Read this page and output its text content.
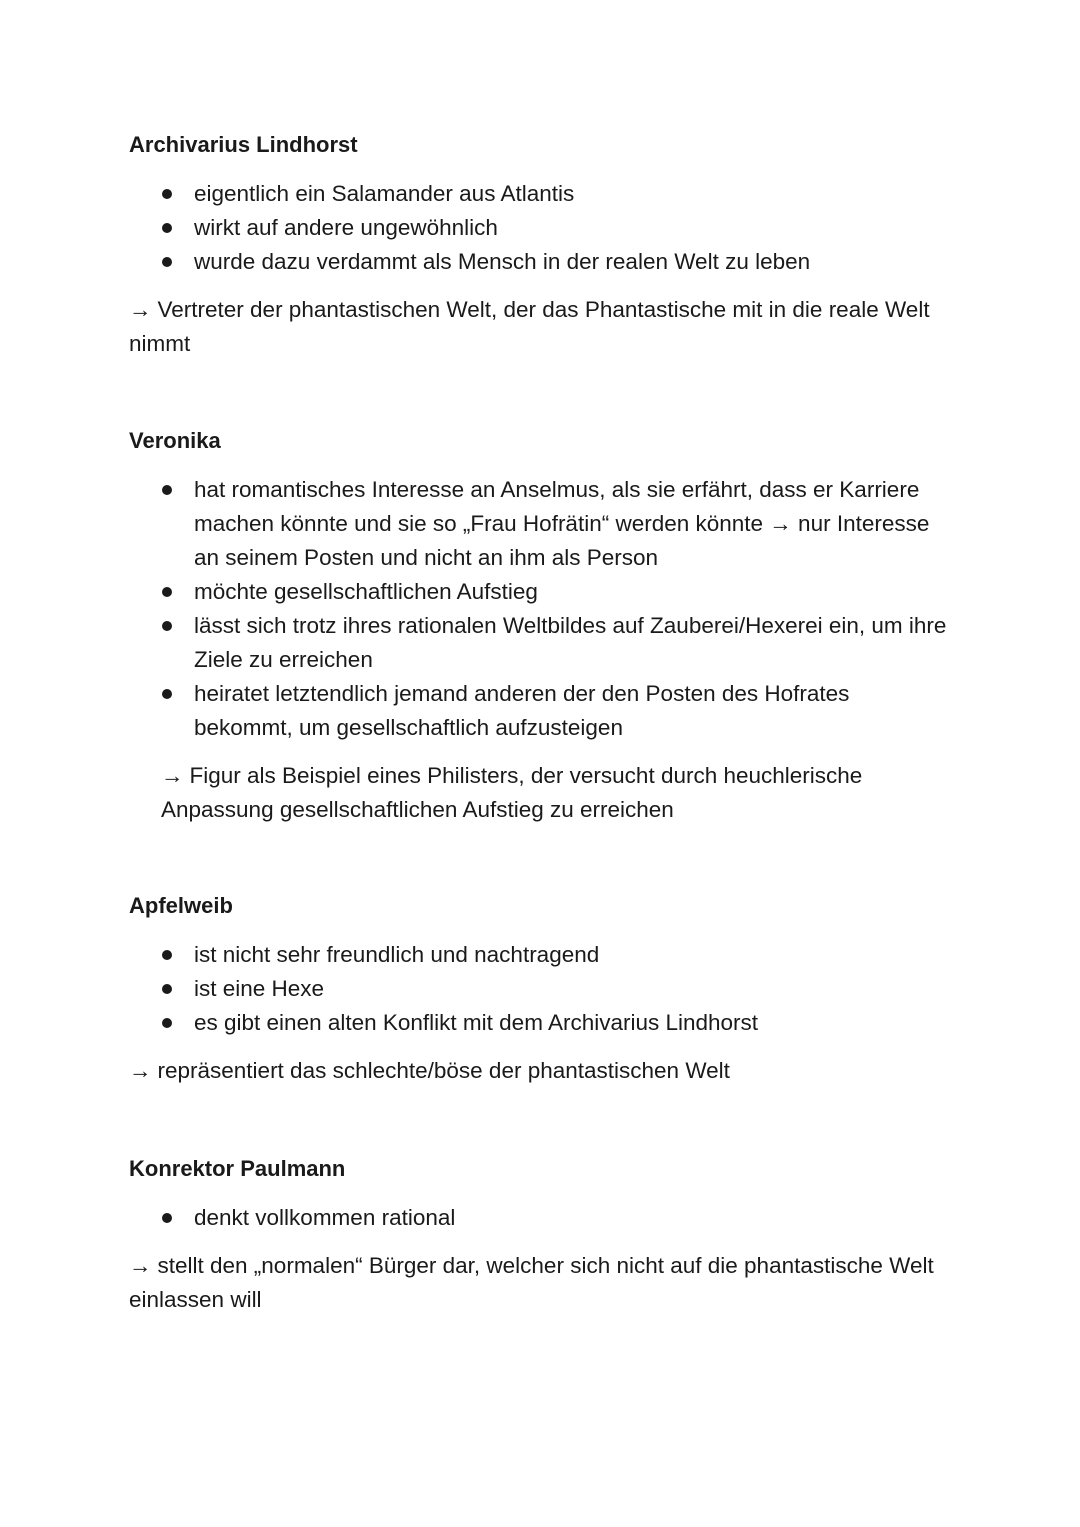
Archivarius Lindhorst
eigentlich ein Salamander aus Atlantis
wirkt auf andere ungewöhnlich
wurde dazu verdammt als Mensch in der realen Welt zu leben
→ Vertreter der phantastischen Welt, der das Phantastische mit in die reale Welt nimmt
Veronika
hat romantisches Interesse an Anselmus, als sie erfährt, dass er Karriere machen könnte und sie so „Frau Hofrätin“ werden könnte → nur Interesse an seinem Posten und nicht an ihm als Person
möchte gesellschaftlichen Aufstieg
lässt sich trotz ihres rationalen Weltbildes auf Zauberei/Hexerei ein, um ihre Ziele zu erreichen
heiratet letztendlich jemand anderen der den Posten des Hofrates bekommt, um gesellschaftlich aufzusteigen
→ Figur als Beispiel eines Philisters, der versucht durch heuchlerische Anpassung gesellschaftlichen Aufstieg zu erreichen
Apfelweib
ist nicht sehr freundlich und nachtragend
ist eine Hexe
es gibt einen alten Konflikt mit dem Archivarius Lindhorst
→ repräsentiert das schlechte/böse der phantastischen Welt
Konrektor Paulmann
denkt vollkommen rational
→ stellt den „normalen“ Bürger dar, welcher sich nicht auf die phantastische Welt einlassen will
